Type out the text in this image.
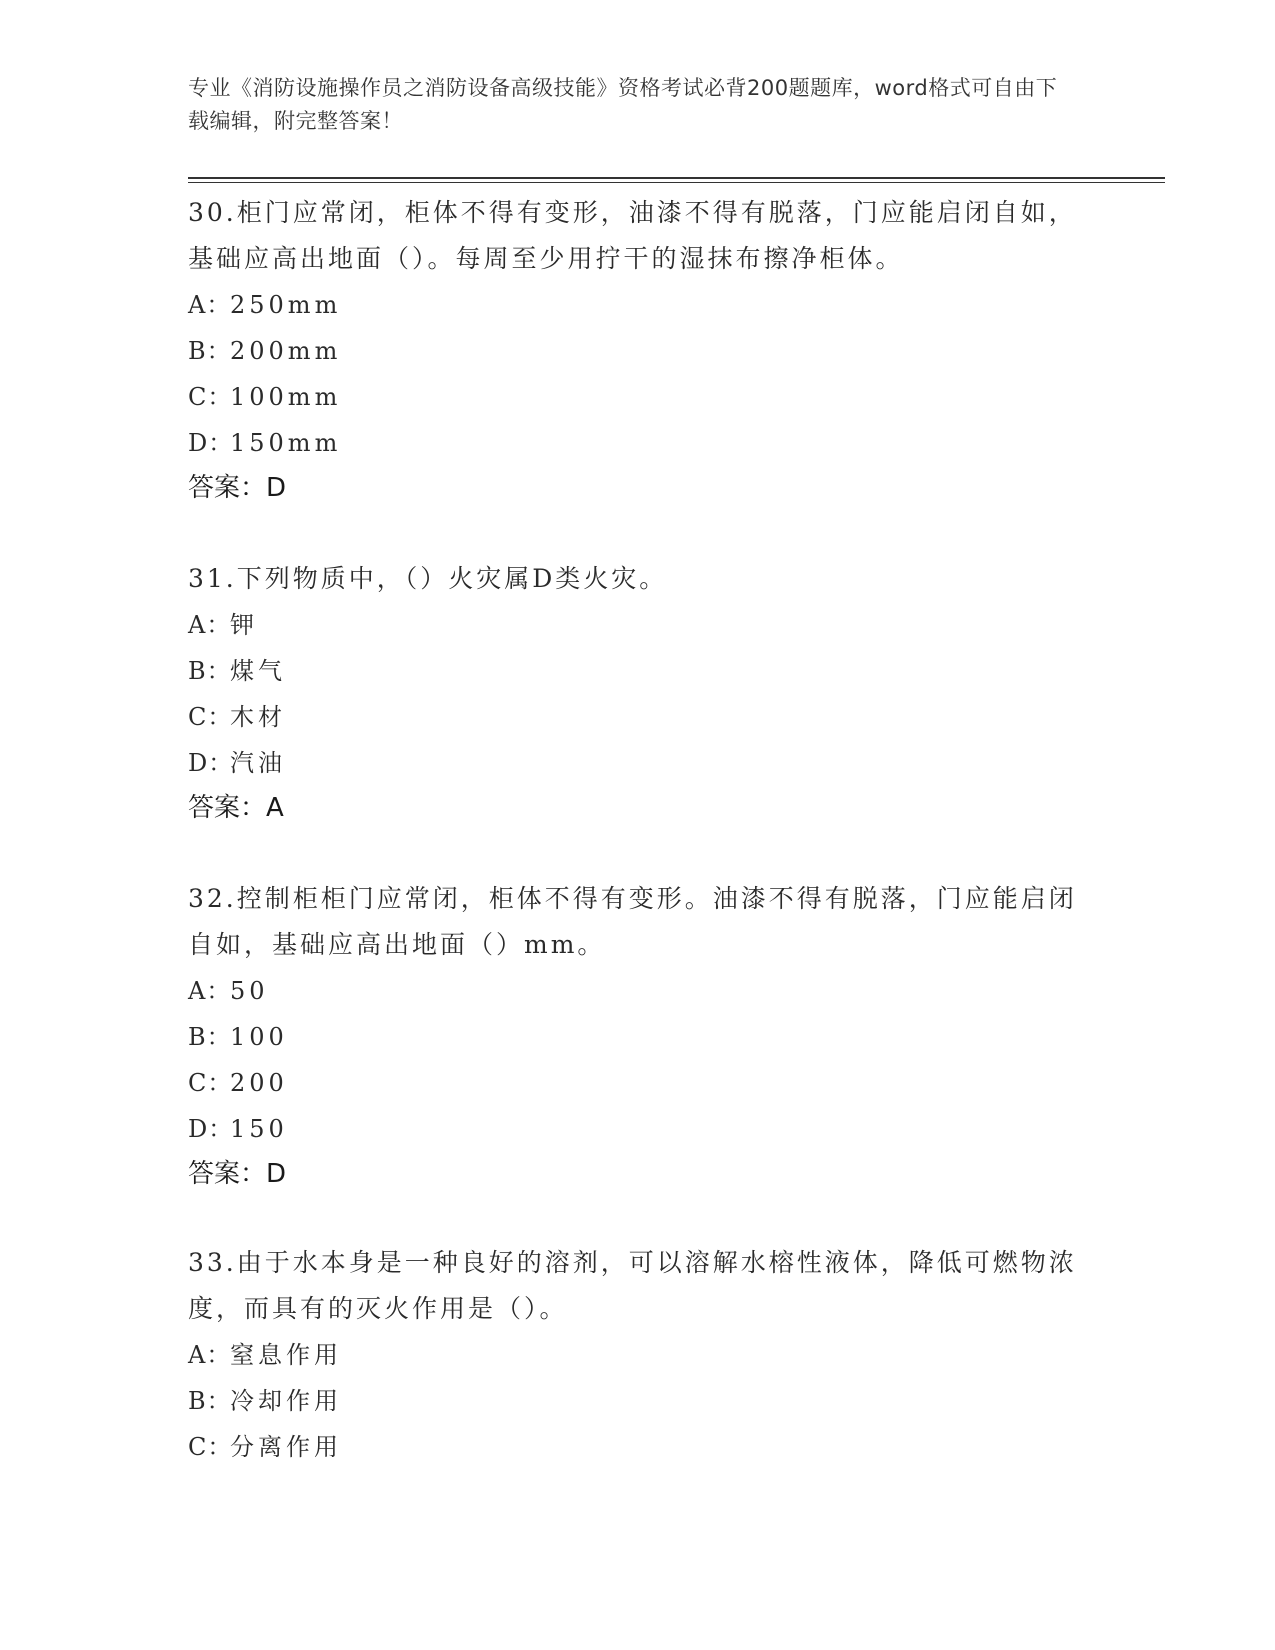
专业《消防设施操作员之消防设备高级技能》资格考试必背200题题库，word格式可自由下载编辑，附完整答案！

30.柜门应常闭，柜体不得有变形，油漆不得有脱落，门应能启闭自如，基础应高出地面（）。每周至少用拧干的湿抹布擦净柜体。

A：250mm
B：200mm
C：100mm
D：150mm
答案：D

31.下列物质中，（）火灾属D类火灾。

A：钾
B：煤气
C：木材
D：汽油
答案：A

32.控制柜柜门应常闭，柜体不得有变形。油漆不得有脱落，门应能启闭自如，基础应高出地面（）mm。

A：50
B：100
C：200
D：150
答案：D

33.由于水本身是一种良好的溶剂，可以溶解水榕性液体，降低可燃物浓度，而具有的灭火作用是（）。

A：窒息作用
B：冷却作用
C：分离作用
